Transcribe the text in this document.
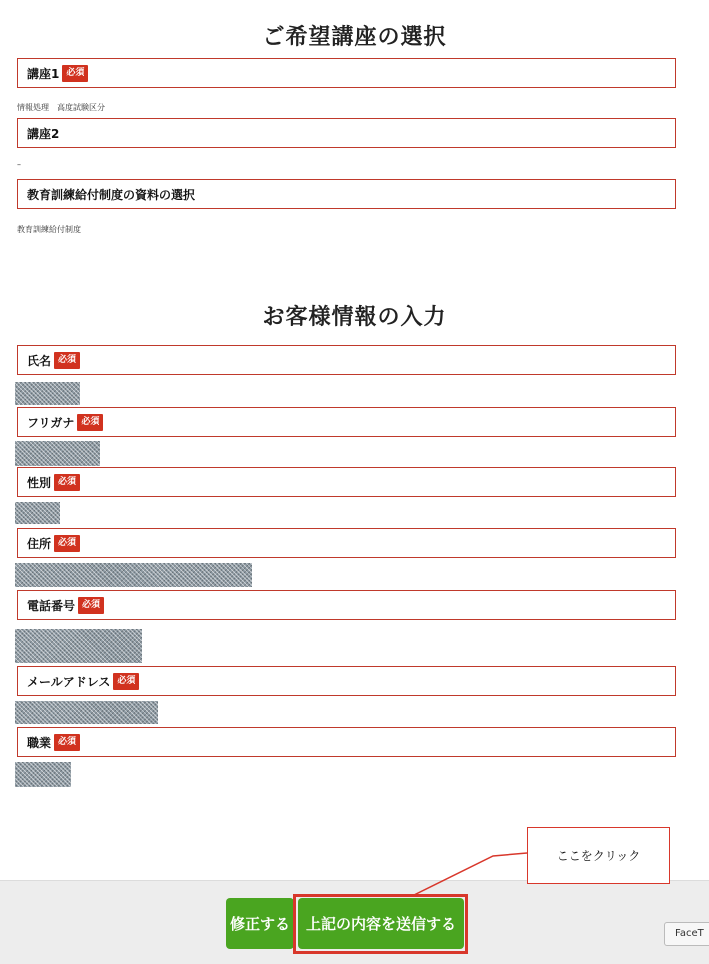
ご希望講座の選択
講座1 必須
情報処理　高度試験区分
講座2
–
教育訓練給付制度の資料の選択
教育訓練給付制度
お客様情報の入力
氏名 必須
フリガナ 必須
性別 必須
住所 必須
電話番号 必須
メールアドレス 必須
職業 必須
修正する	上記の内容を送信する
FaceT
ここをクリック
